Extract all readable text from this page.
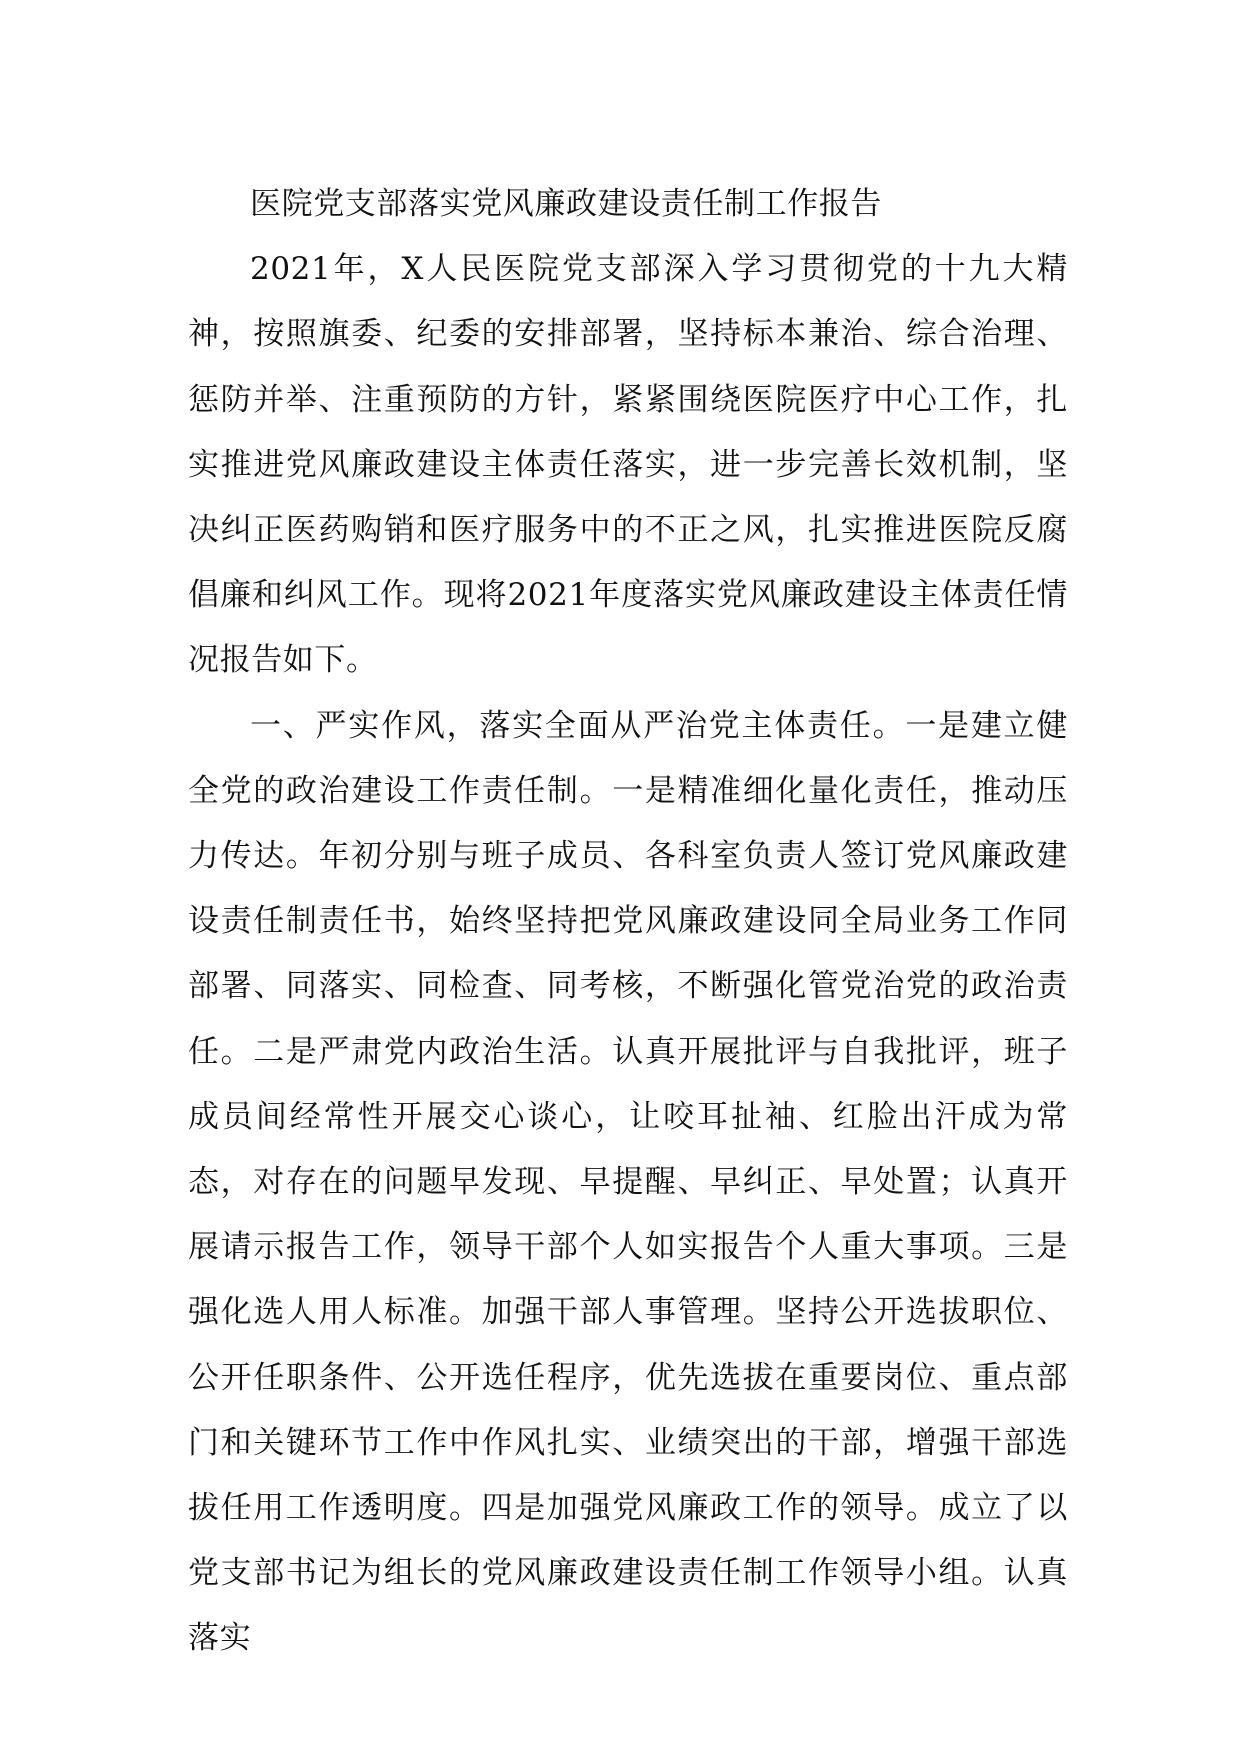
医院党支部落实党风廉政建设责任制工作报告

2021年，X人民医院党支部深入学习贯彻党的十九大精神，按照旗委、纪委的安排部署，坚持标本兼治、综合治理、惩防并举、注重预防的方针，紧紧围绕医院医疗中心工作，扎实推进党风廉政建设主体责任落实，进一步完善长效机制，坚决纠正医药购销和医疗服务中的不正之风，扎实推进医院反腐倡廉和纠风工作。现将2021年度落实党风廉政建设主体责任情况报告如下。

一、严实作风，落实全面从严治党主体责任。一是建立健全党的政治建设工作责任制。一是精准细化量化责任，推动压力传达。年初分别与班子成员、各科室负责人签订党风廉政建设责任制责任书，始终坚持把党风廉政建设同全局业务工作同部署、同落实、同检查、同考核，不断强化管党治党的政治责任。二是严肃党内政治生活。认真开展批评与自我批评，班子成员间经常性开展交心谈心，让咬耳扯袖、红脸出汗成为常态，对存在的问题早发现、早提醒、早纠正、早处置；认真开展请示报告工作，领导干部个人如实报告个人重大事项。三是强化选人用人标准。加强干部人事管理。坚持公开选拔职位、公开任职条件、公开选任程序，优先选拔在重要岗位、重点部门和关键环节工作中作风扎实、业绩突出的干部，增强干部选拔任用工作透明度。四是加强党风廉政工作的领导。成立了以党支部书记为组长的党风廉政建设责任制工作领导小组。认真落实
